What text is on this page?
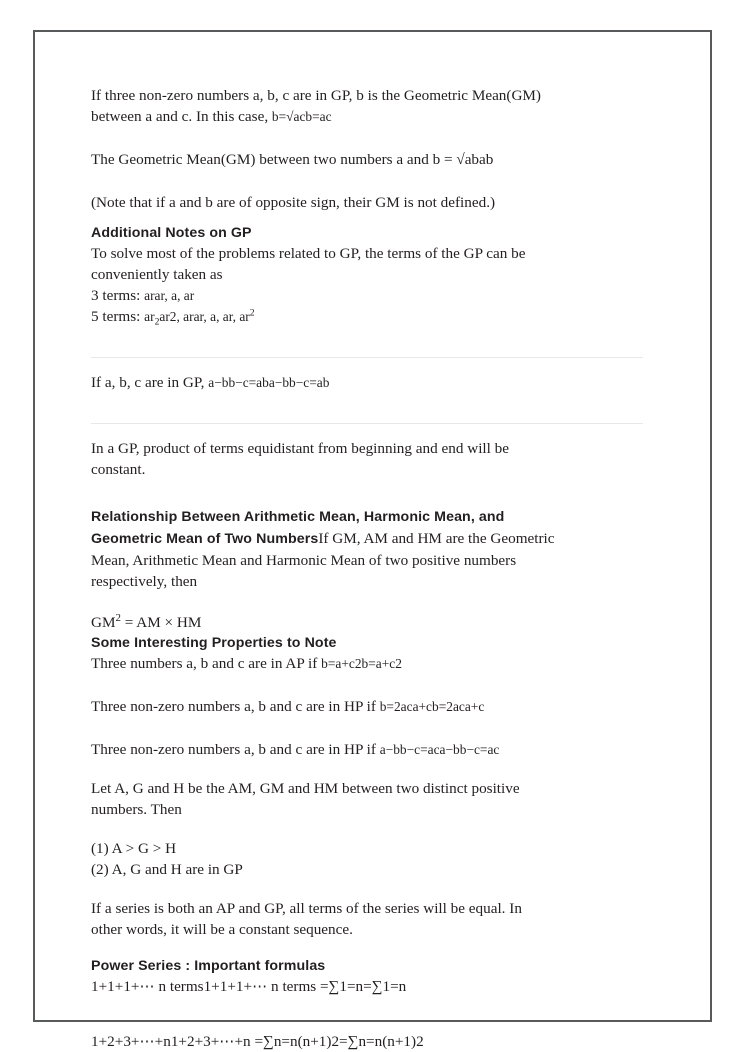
If three non-zero numbers a, b, c are in GP, b is the Geometric Mean(GM)
between a and c. In this case, b=√acb=ac

The Geometric Mean(GM) between two numbers a and b = √abab

(Note that if a and b are of opposite sign, their GM is not defined.)

Additional Notes on GP

To solve most of the problems related to GP, the terms of the GP can be
conveniently taken as
3 terms: arar, a, ar
5 terms: $ar_2ar2$, arar, a, ar, $ar^2$

If a, b, c are in GP, a−bb−c=aba−bb−c=ab

In a GP, product of terms equidistant from beginning and end will be
constant.

Relationship Between Arithmetic Mean, Harmonic Mean, and
Geometric Mean of Two NumbersIf GM, AM and HM are the Geometric
Mean, Arithmetic Mean and Harmonic Mean of two positive numbers
respectively, then

$GM^2$ = AM × HM

Some Interesting Properties to Note

Three numbers a, b and c are in AP if b=a+c2b=a+c2

Three non-zero numbers a, b and c are in HP if b=2aca+cb=2aca+c

Three non-zero numbers a, b and c are in HP if a−bb−c=aca−bb−c=ac

Let A, G and H be the AM, GM and HM between two distinct positive
numbers. Then

(1) A > G > H
(2) A, G and H are in GP

If a series is both an AP and GP, all terms of the series will be equal. In
other words, it will be a constant sequence.

Power Series : Important formulas

1+1+1+⋯ n terms1+1+1+⋯ n terms =∑1=n=∑1=n

1+2+3+⋯+n1+2+3+⋯+n =∑n=n(n+1)2=∑n=n(n+1)2
